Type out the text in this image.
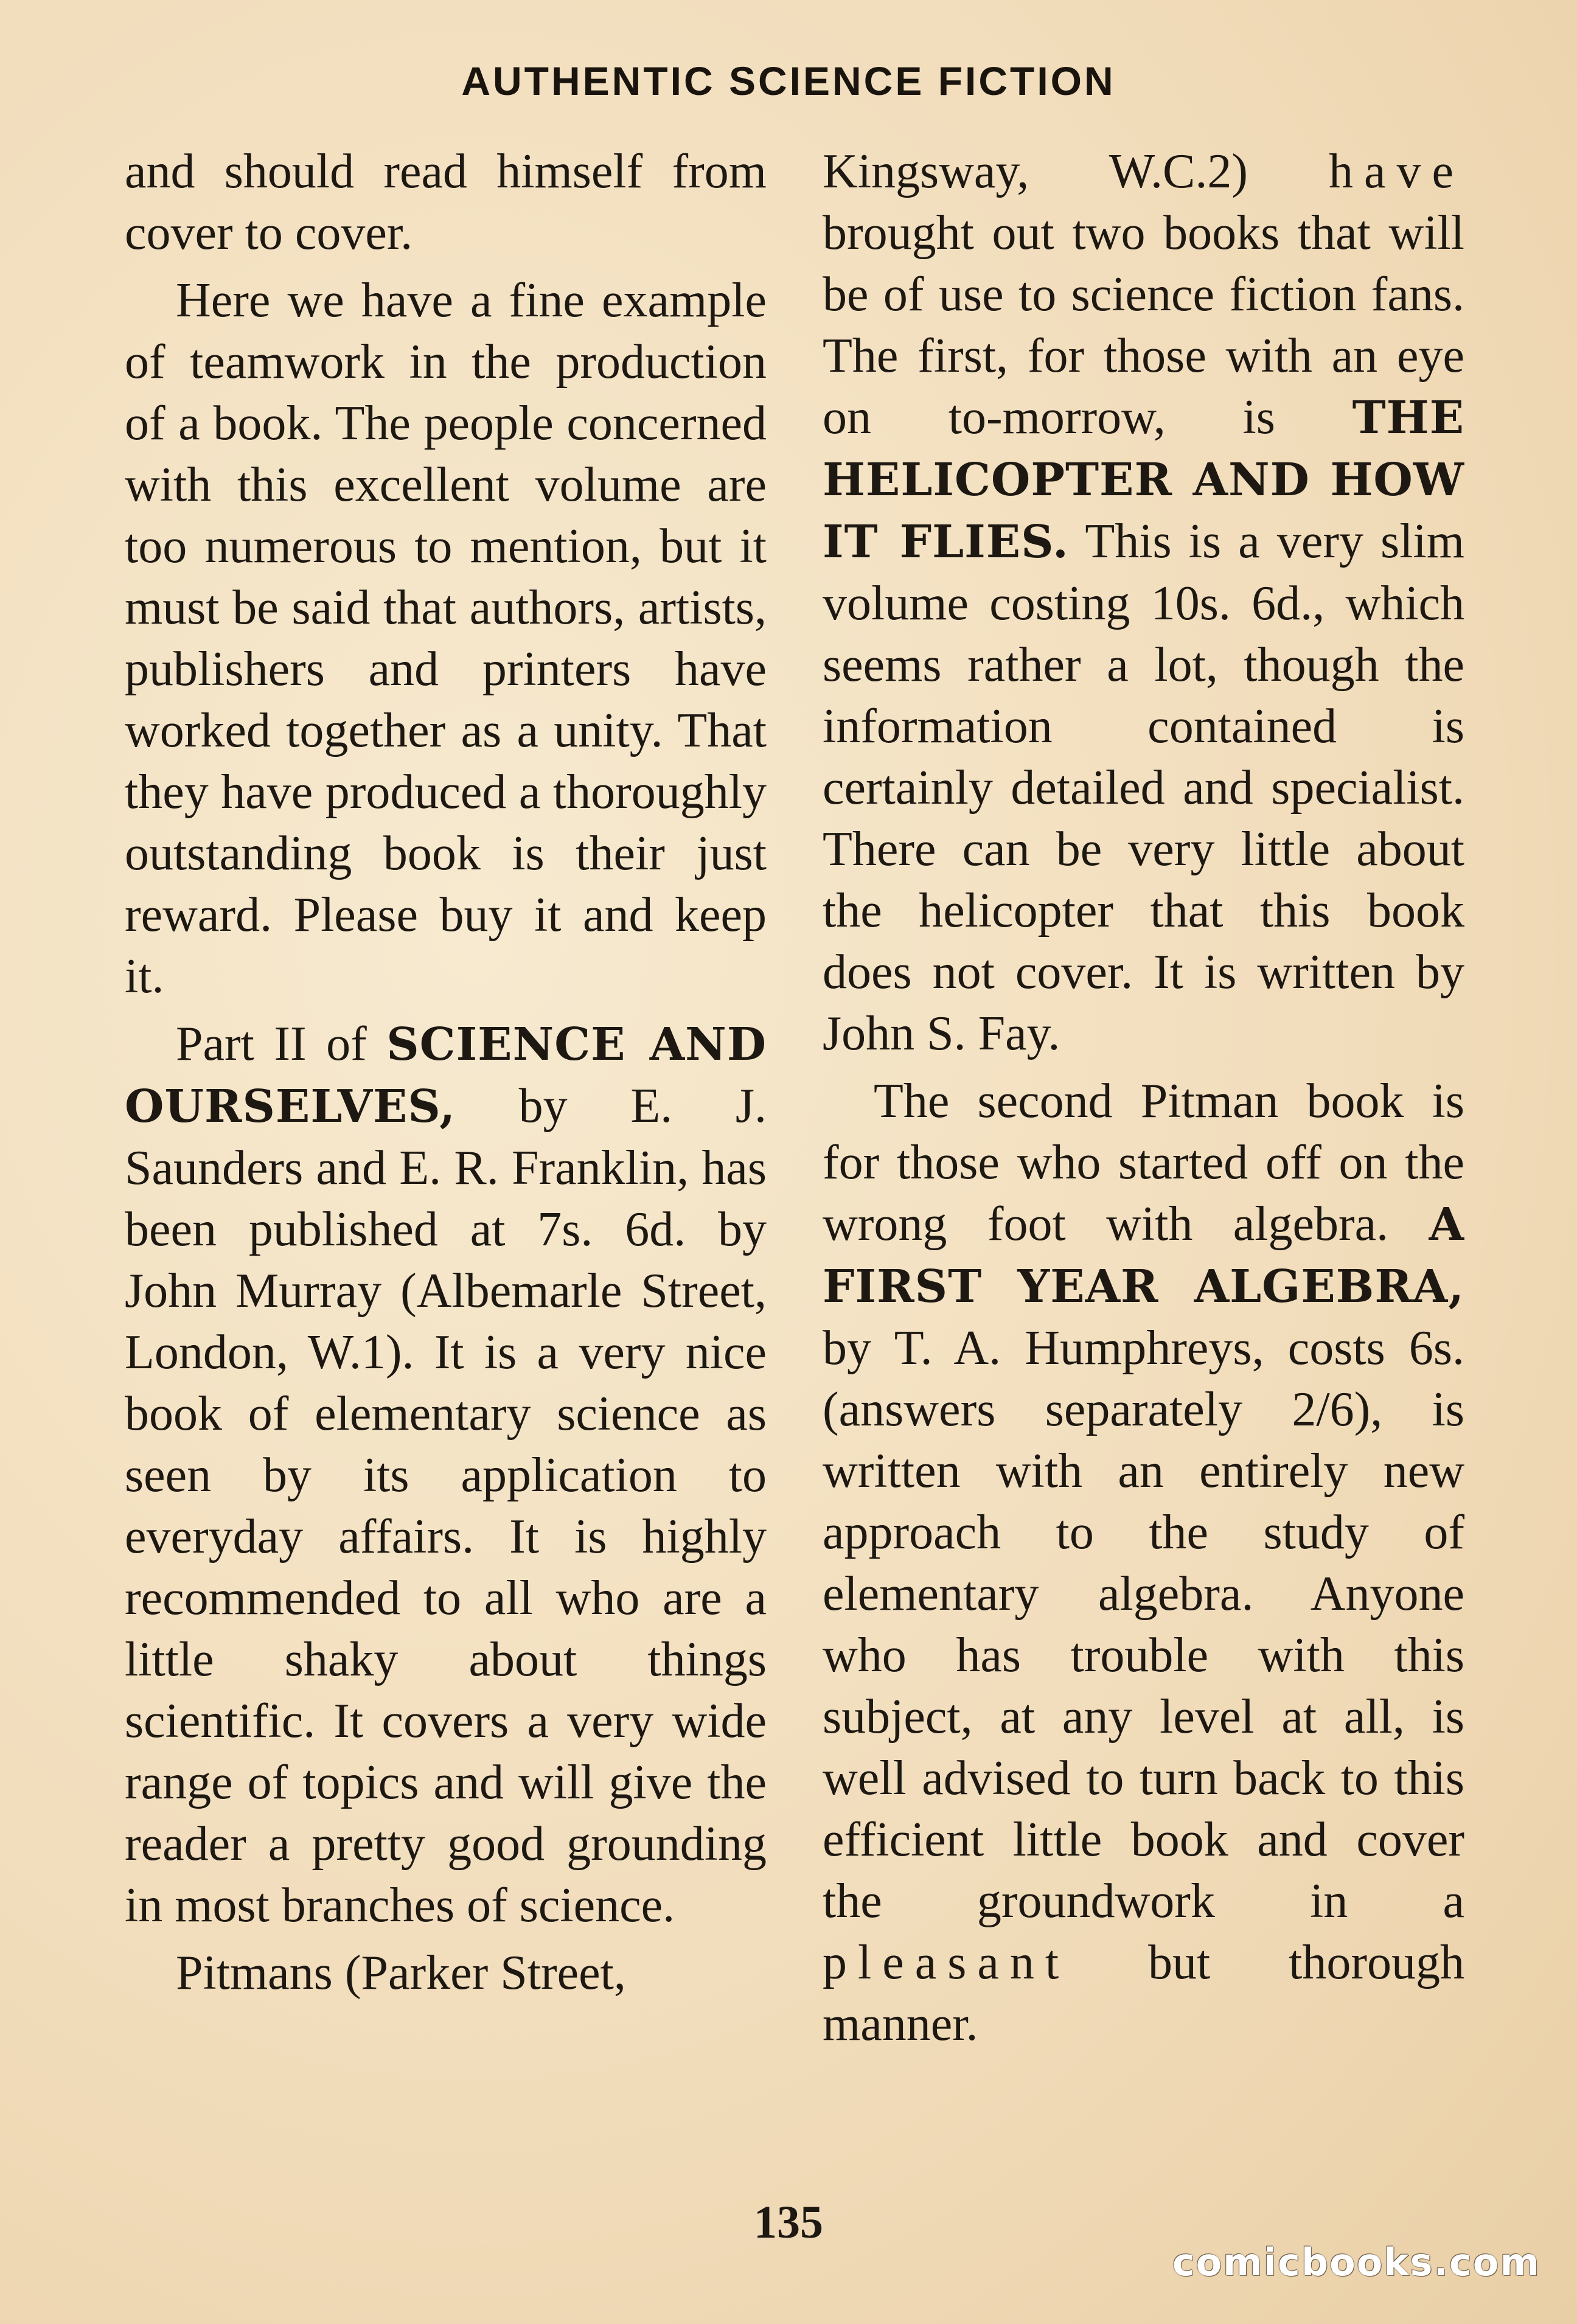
AUTHENTIC SCIENCE FICTION

and should read himself from cover to cover.

Here we have a fine example of teamwork in the production of a book. The people concerned with this excellent volume are too numerous to mention, but it must be said that authors, artists, publishers and printers have worked together as a unity. That they have produced a thoroughly outstanding book is their just reward. Please buy it and keep it.

Part II of SCIENCE AND OURSELVES, by E. J. Saunders and E. R. Franklin, has been published at 7s. 6d. by John Murray (Albemarle Street, London, W.1). It is a very nice book of elementary science as seen by its application to everyday affairs. It is highly recommended to all who are a little shaky about things scientific. It covers a very wide range of topics and will give the reader a pretty good grounding in most branches of science.

Pitmans (Parker Street,

Kingsway, W.C.2) have brought out two books that will be of use to science fiction fans. The first, for those with an eye on to-morrow, is THE HELICOPTER AND HOW IT FLIES. This is a very slim volume costing 10s. 6d., which seems rather a lot, though the information contained is certainly detailed and specialist. There can be very little about the helicopter that this book does not cover. It is written by John S. Fay.

The second Pitman book is for those who started off on the wrong foot with algebra. A FIRST YEAR ALGEBRA, by T. A. Humphreys, costs 6s. (answers separately 2/6), is written with an entirely new approach to the study of elementary algebra. Anyone who has trouble with this subject, at any level at all, is well advised to turn back to this efficient little book and cover the groundwork in a pleasant but thorough manner.

135
comicbooks.com
